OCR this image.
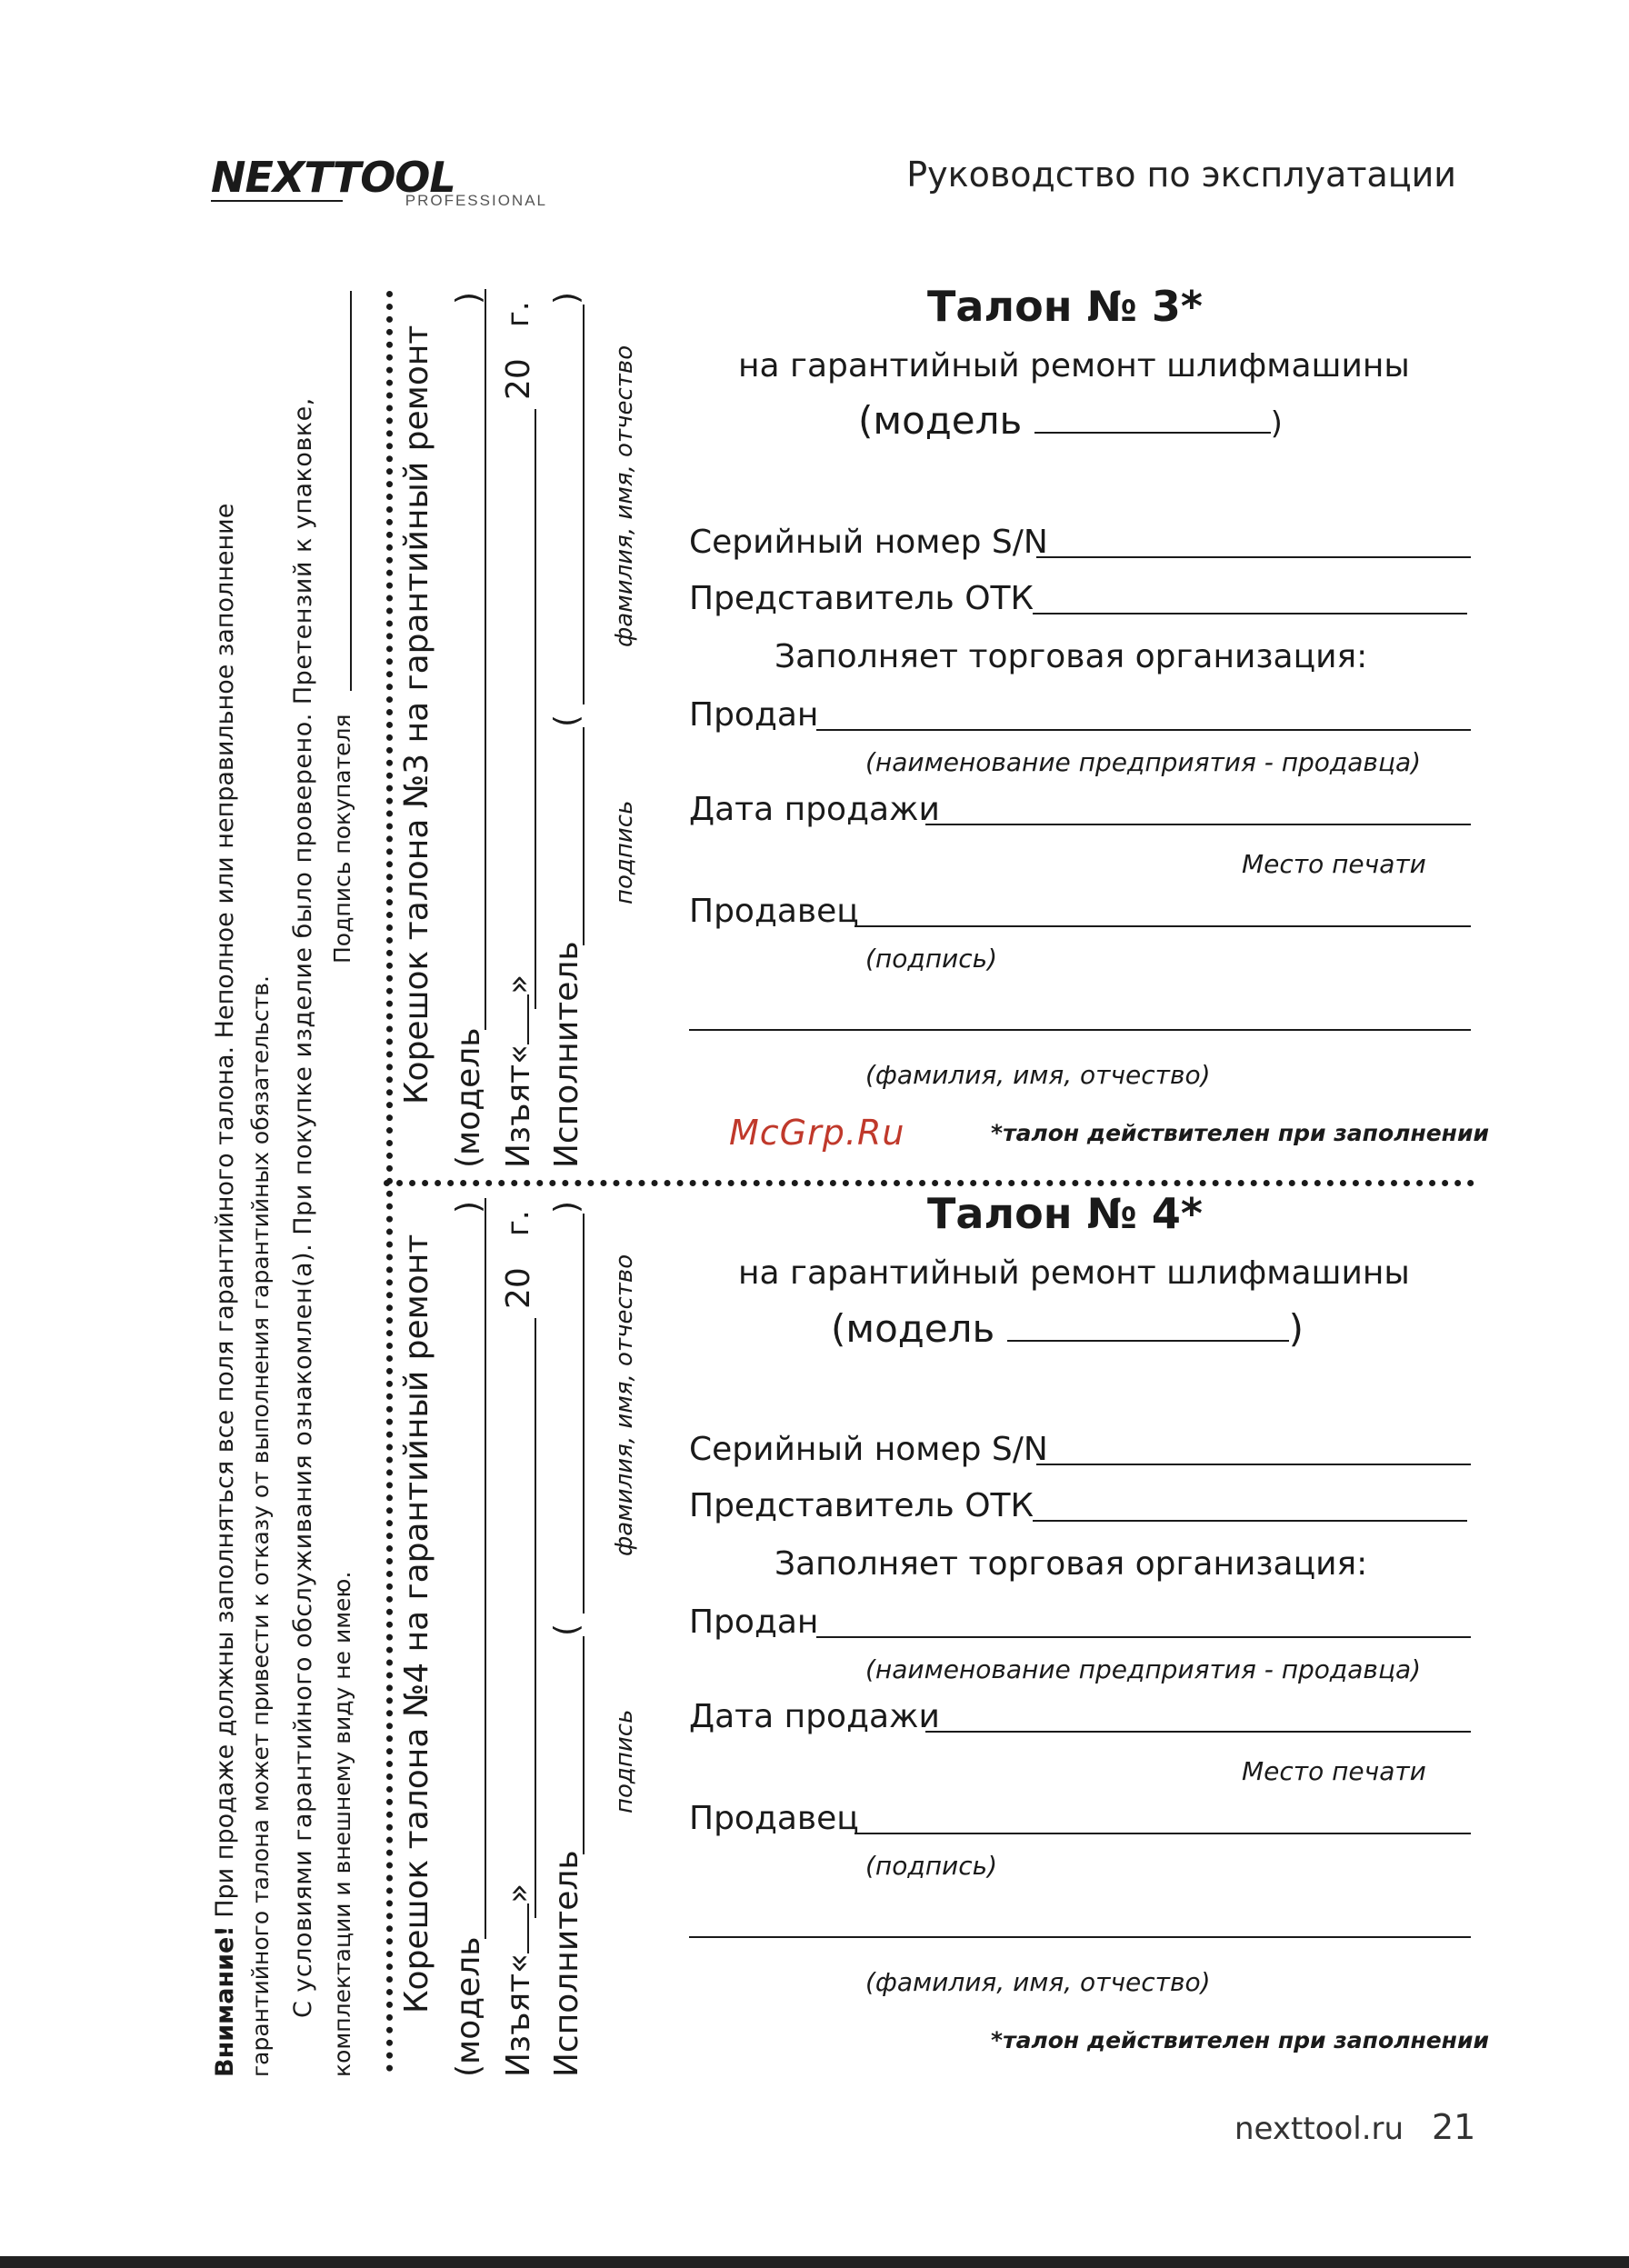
NEXTTOOL
PROFESSIONAL
Руководство по эксплуатации
Внимание! При продаже должны заполняться все поля гарантийного талона. Неполное или неправильное заполнение гарантийного талона может привести к отказу от выполнения гарантийных обязательств. С условиями гарантийного обслуживания ознакомлен(а). При покупке изделие было проверено. Претензий к упаковке, комплектации и внешнему виду не имею.
Подпись покупателя Корешок талона №3 на гарантийный ремонт (модель
)
Изъят«»
20
г.
Исполнитель
(
)
подпись
фамилия, имя, отчество
Корешок талона №4 на гарантийный ремонт (модель
)
Изъят«»
20
г.
Исполнитель
(
)
подпись
фамилия, имя, отчество
Талон № 3*
на гарантийный ремонт шлифмашины
(модель	)
Серийный номер S/N
Представитель ОТК
Заполняет торговая организация:
Продан
(наименование предприятия - продавца)
Дата продажи
Место печати
Продавец
(подпись)
(фамилия, имя, отчество)
*талон действителен при заполнении
McGrp.Ru
Талон № 4*
на гарантийный ремонт шлифмашины
(модель	)
Серийный номер S/N
Представитель ОТК
Заполняет торговая организация:
Продан
(наименование предприятия - продавца)
Дата продажи
Место печати
Продавец
(подпись)
(фамилия, имя, отчество)
*талон действителен при заполнении
nexttool.ru 21
